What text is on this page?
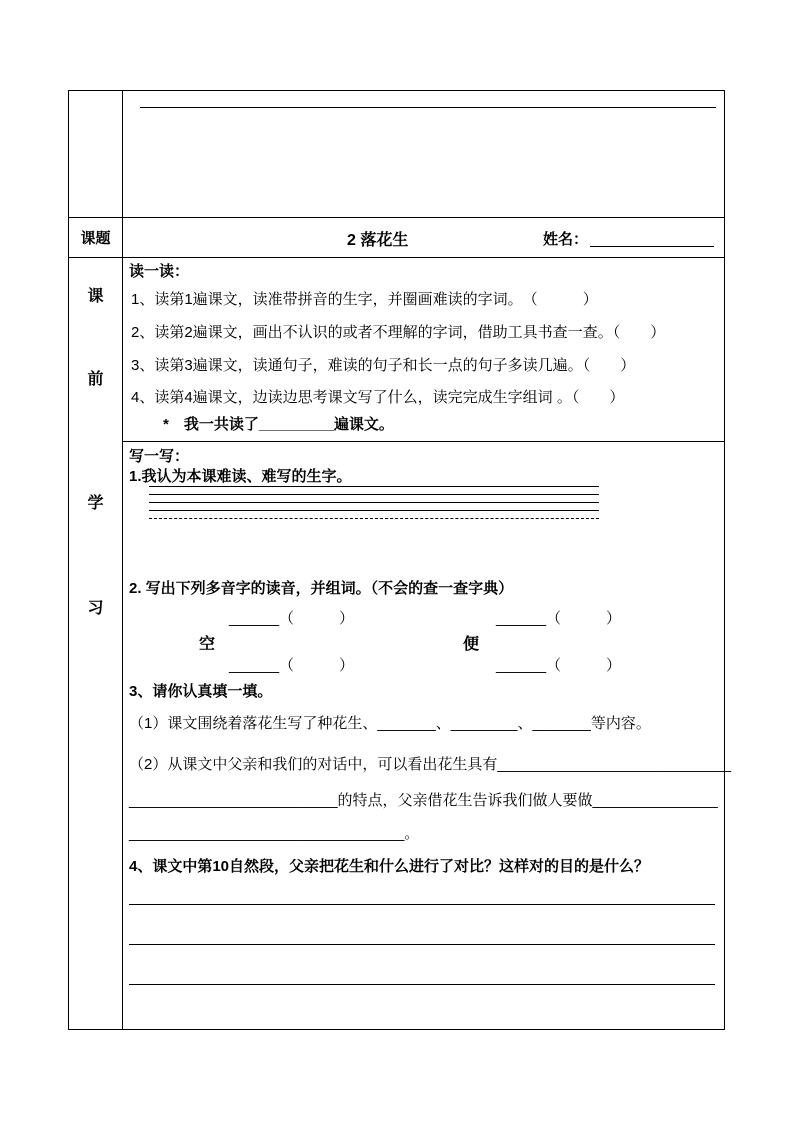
课题
课
前
学
习
2 落花生	姓名：
读一读：
1、读第1遍课文，读准带拼音的生字，并圈画难读的字词。　（　　　）
2、读第2遍课文，画出不认识的或者不理解的字词，借助工具书查一查。（　　）
3、读第3遍课文，读通句子，难读的句子和长一点的句子多读几遍。（　　）
4、读第4遍课文，边读边思考课文写了什么，读完完成生字组词 。（　　）
*　我一共读了_________遍课文。
写一写：
1.我认为本课难读、难写的生字。
2. 写出下列多音字的读音，并组词。（不会的查一查字典）
______（　　　）	______（　　　）
空	便
______（　　　）	______（　　　）
3、请你认真填一填。
（1）课文围绕着落花生写了种花生、_______、________、_______等内容。
（2）从课文中父亲和我们的对话中，可以看出花生具有____________________________
_________________________的特点，父亲借花生告诉我们做人要做_______________
_________________________________。
4、课文中第10自然段，父亲把花生和什么进行了对比？这样对的目的是什么？
